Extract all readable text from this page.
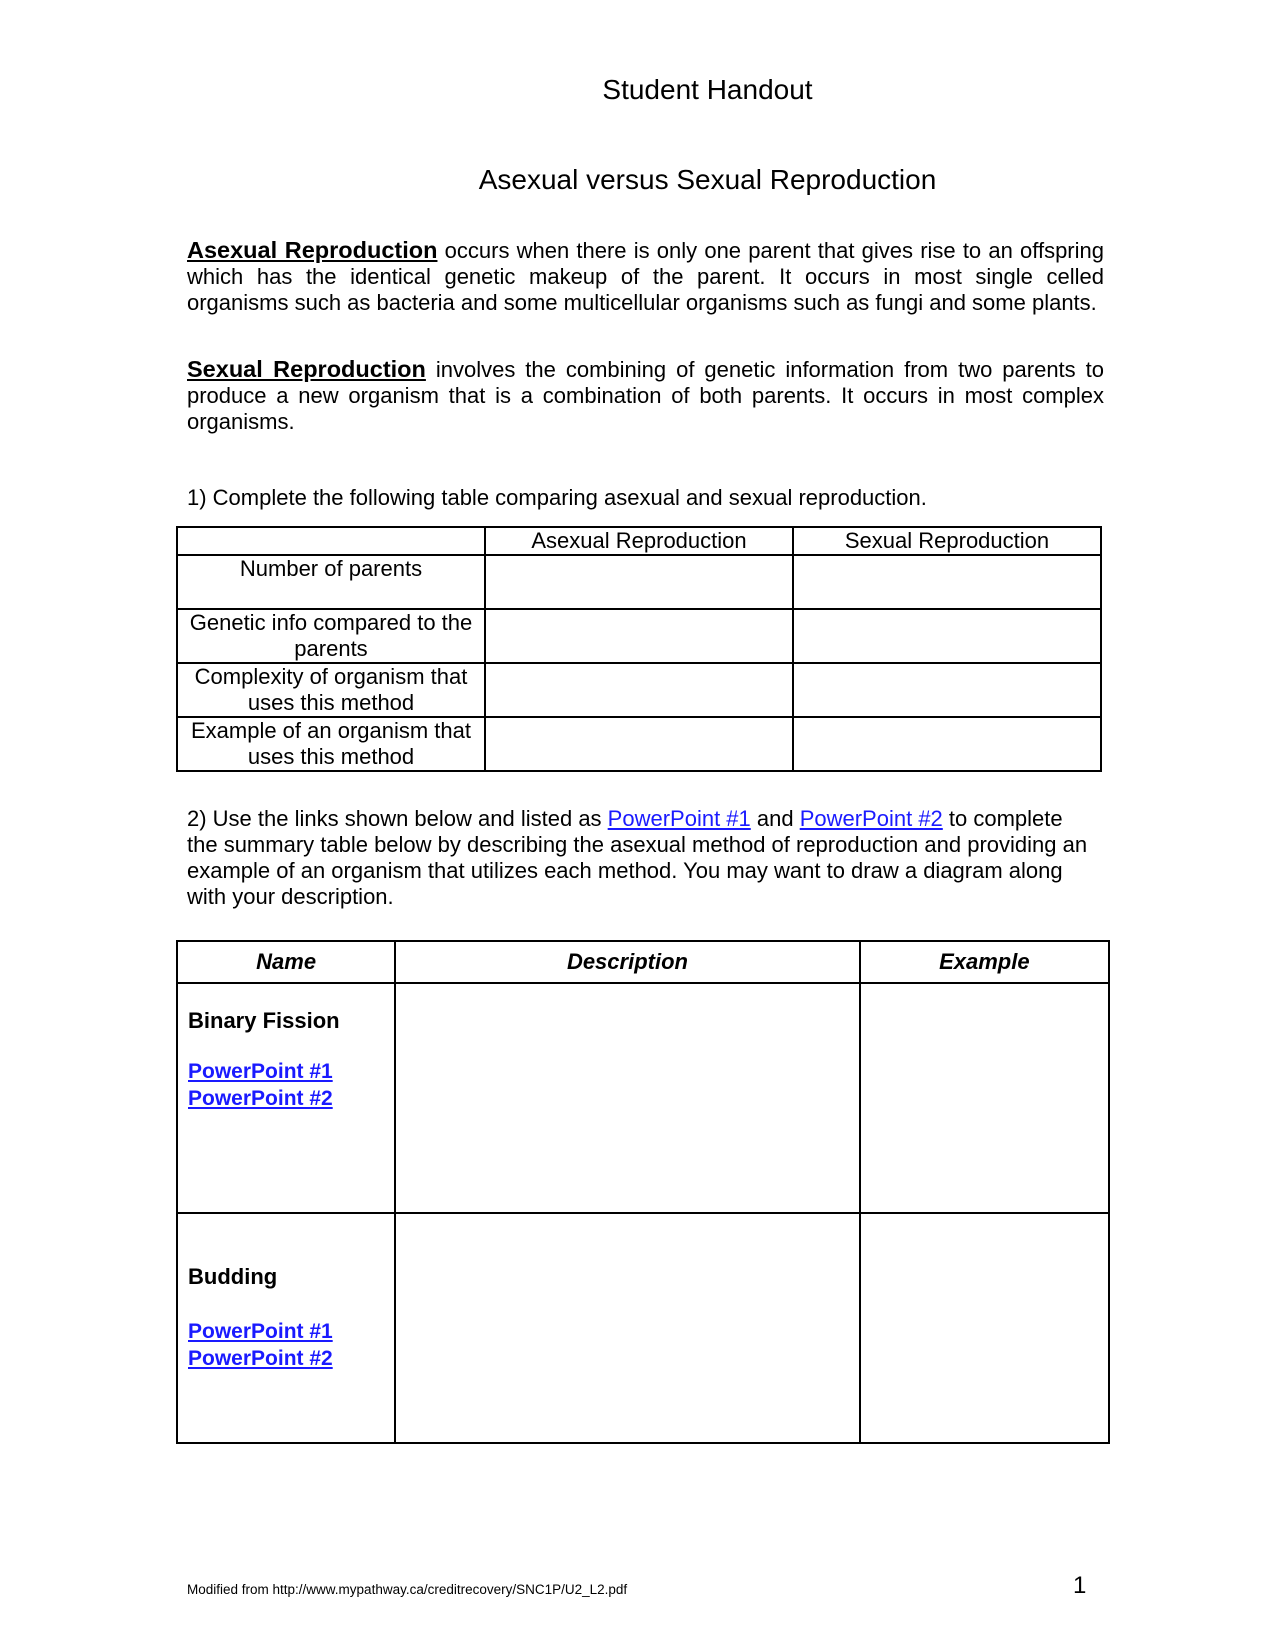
Student Handout
Asexual versus Sexual Reproduction

Asexual Reproduction occurs when there is only one parent that gives rise to an offspring which has the identical genetic makeup of the parent. It occurs in most single celled organisms such as bacteria and some multicellular organisms such as fungi and some plants.

Sexual Reproduction involves the combining of genetic information from two parents to produce a new organism that is a combination of both parents. It occurs in most complex organisms.

1) Complete the following table comparing asexual and sexual reproduction.

	Asexual Reproduction	Sexual Reproduction
Number of parents		
Genetic info compared to the parents		
Complexity of organism that uses this method		
Example of an organism that uses this method		

2) Use the links shown below and listed as PowerPoint #1 and PowerPoint #2 to complete the summary table below by describing the asexual method of reproduction and providing an example of an organism that utilizes each method. You may want to draw a diagram along with your description.

Name	Description	Example

Binary Fission
PowerPoint #1
PowerPoint #2		

Budding
PowerPoint #1
PowerPoint #2		

Modified from http://www.mypathway.ca/creditrecovery/SNC1P/U2_L2.pdf	1
